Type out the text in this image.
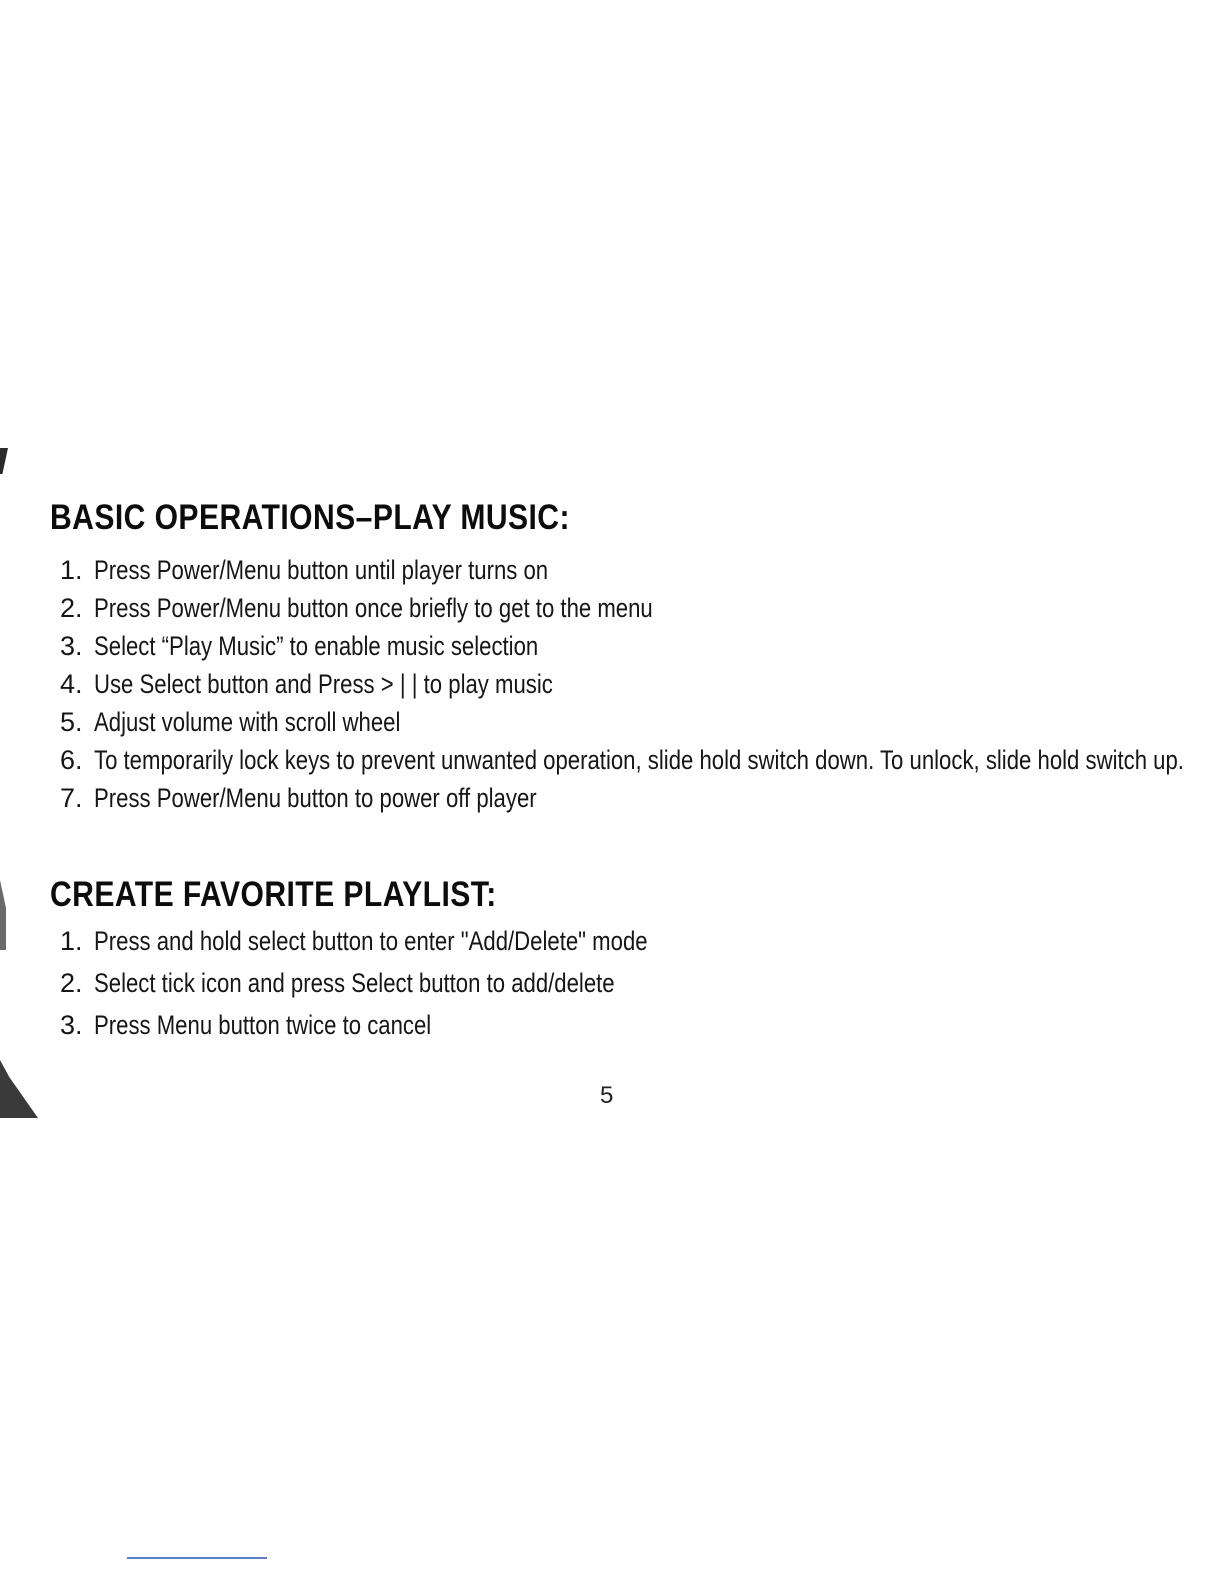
BASIC OPERATIONS–PLAY MUSIC:
1. Press Power/Menu button until player turns on
2. Press Power/Menu button once briefly to get to the menu
3. Select “Play Music” to enable music selection
4. Use Select button and Press > | | to play music
5. Adjust volume with scroll wheel
6. To temporarily lock keys to prevent unwanted operation, slide hold switch down. To unlock, slide hold switch up.
7. Press Power/Menu button to power off player
CREATE FAVORITE PLAYLIST:
1. Press and hold select button to enter "Add/Delete" mode
2. Select tick icon and press Select button to add/delete
3. Press Menu button twice to cancel
5
